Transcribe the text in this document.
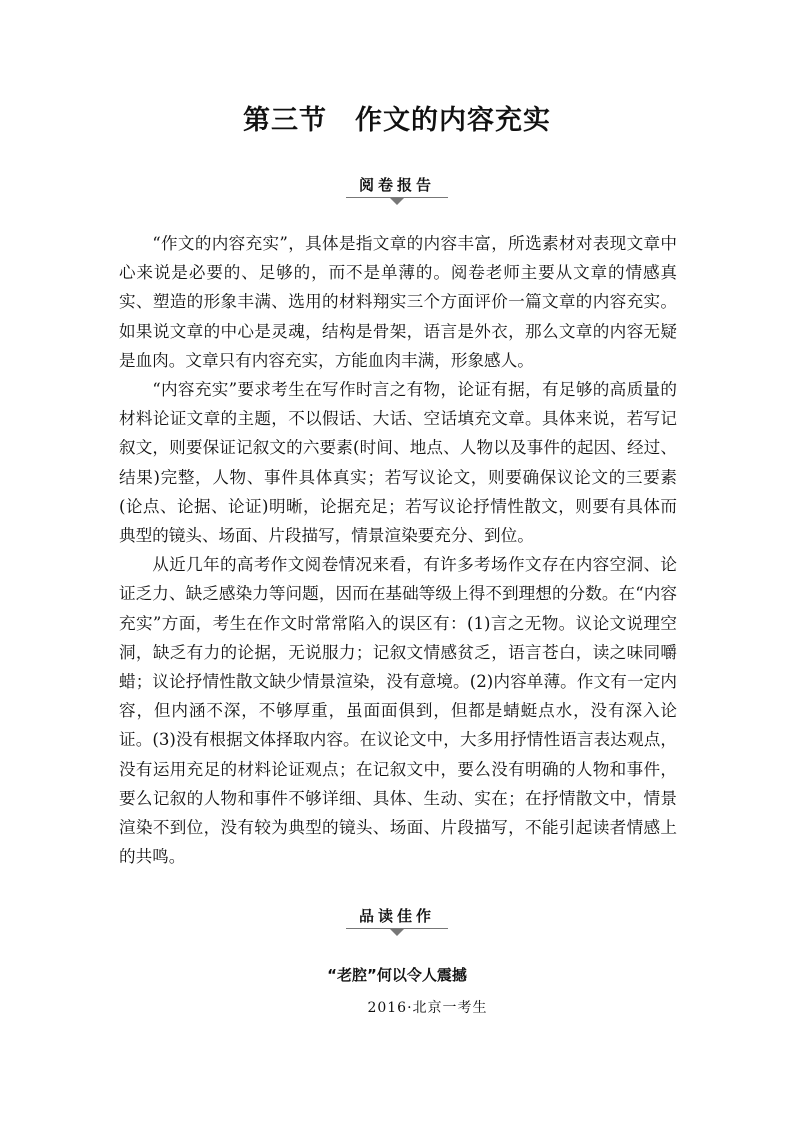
第三节　作文的内容充实
阅卷报告

“作文的内容充实”，具体是指文章的内容丰富，所选素材对表现文章中心来说是必要的、足够的，而不是单薄的。阅卷老师主要从文章的情感真实、塑造的形象丰满、选用的材料翔实三个方面评价一篇文章的内容充实。如果说文章的中心是灵魂，结构是骨架，语言是外衣，那么文章的内容无疑是血肉。文章只有内容充实，方能血肉丰满，形象感人。

“内容充实”要求考生在写作时言之有物，论证有据，有足够的高质量的材料论证文章的主题，不以假话、大话、空话填充文章。具体来说，若写记叙文，则要保证记叙文的六要素(时间、地点、人物以及事件的起因、经过、结果)完整，人物、事件具体真实；若写议论文，则要确保议论文的三要素(论点、论据、论证)明晰，论据充足；若写议论抒情性散文，则要有具体而典型的镜头、场面、片段描写，情景渲染要充分、到位。

从近几年的高考作文阅卷情况来看，有许多考场作文存在内容空洞、论证乏力、缺乏感染力等问题，因而在基础等级上得不到理想的分数。在“内容充实”方面，考生在作文时常常陷入的误区有：(1)言之无物。议论文说理空洞，缺乏有力的论据，无说服力；记叙文情感贫乏，语言苍白，读之味同嚼蜡；议论抒情性散文缺少情景渲染，没有意境。(2)内容单薄。作文有一定内容，但内涵不深，不够厚重，虽面面俱到，但都是蜻蜓点水，没有深入论证。(3)没有根据文体择取内容。在议论文中，大多用抒情性语言表达观点，没有运用充足的材料论证观点；在记叙文中，要么没有明确的人物和事件，要么记叙的人物和事件不够详细、具体、生动、实在；在抒情散文中，情景渲染不到位，没有较为典型的镜头、场面、片段描写，不能引起读者情感上的共鸣。

品读佳作
“老腔”何以令人震撼
2016·北京一考生
